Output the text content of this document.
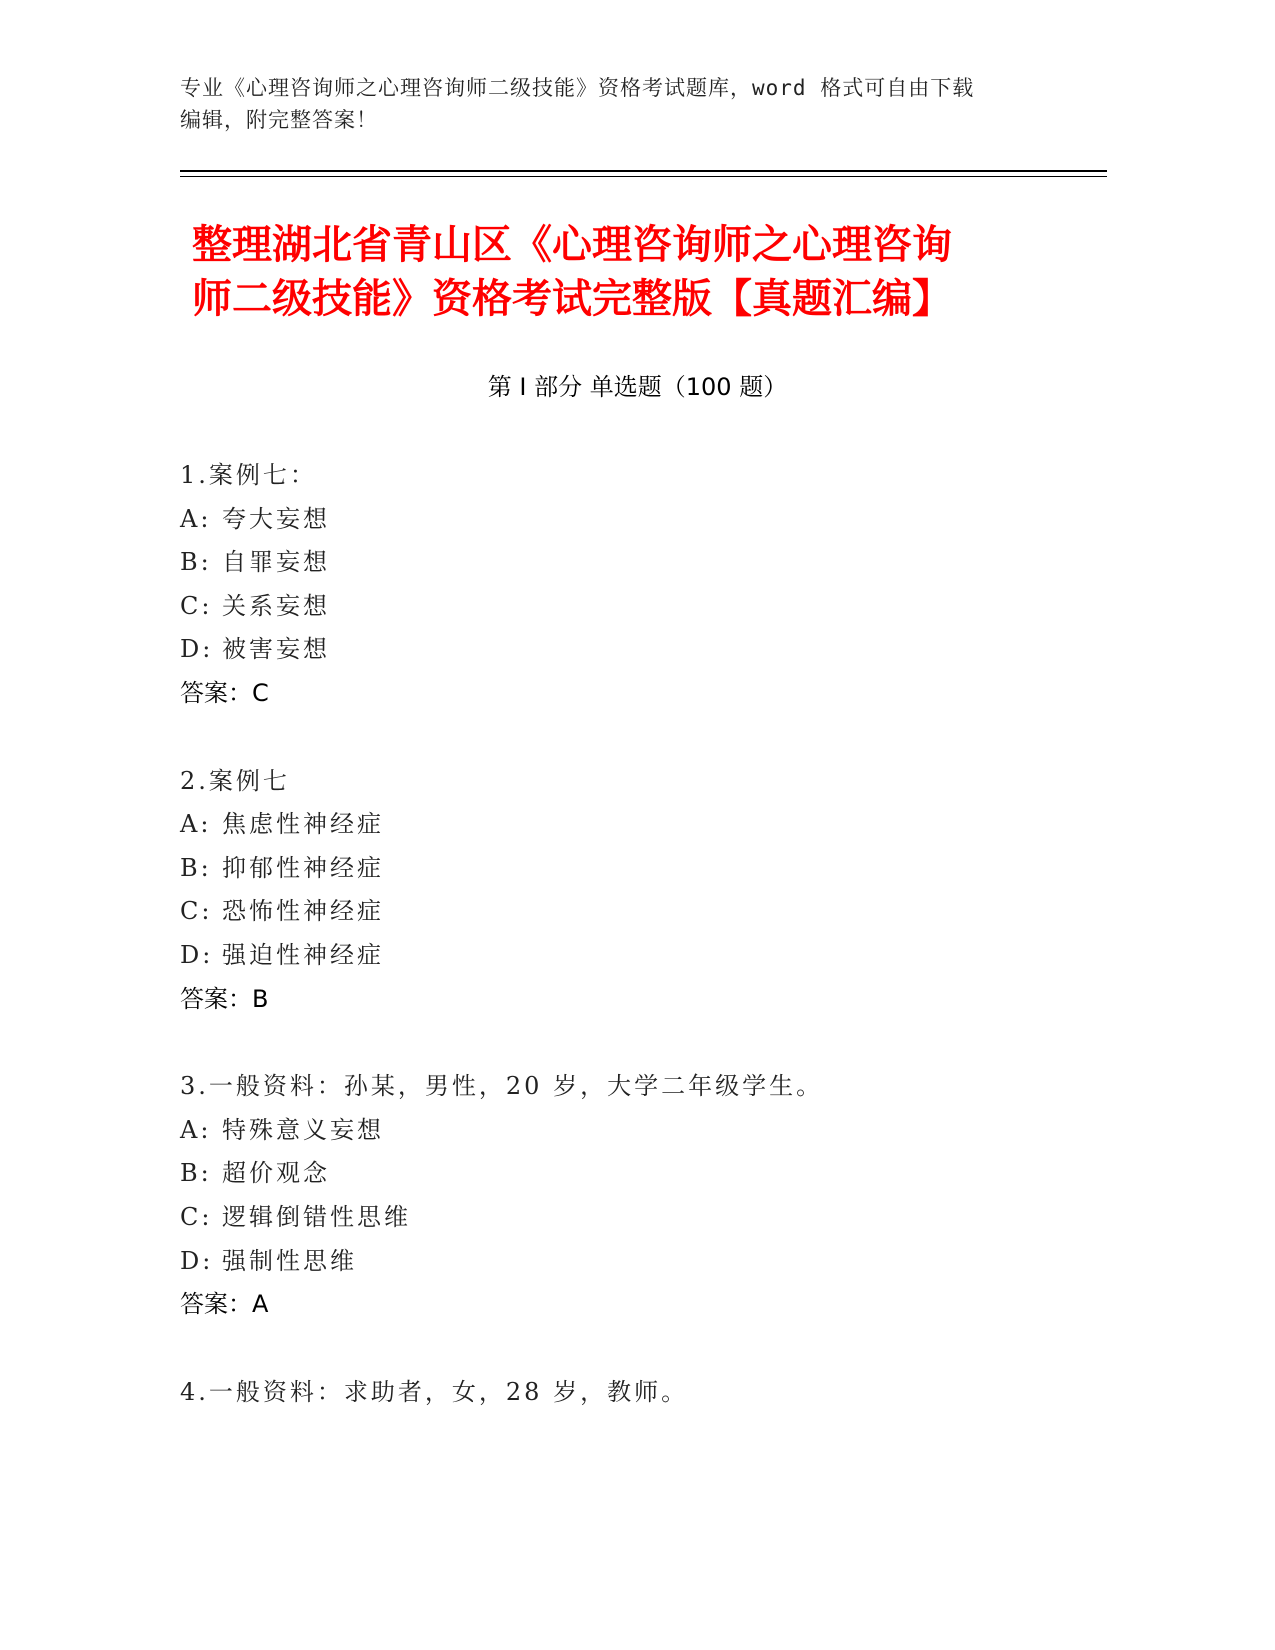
专业《心理咨询师之心理咨询师二级技能》资格考试题库，word 格式可自由下载
编辑，附完整答案！
整理湖北省青山区《心理咨询师之心理咨询
师二级技能》资格考试完整版【真题汇编】
第 I 部分 单选题（100 题）
1.案例七：
A: 夸大妄想
B: 自罪妄想
C: 关系妄想
D: 被害妄想
答案：C
2.案例七
A: 焦虑性神经症
B: 抑郁性神经症
C: 恐怖性神经症
D: 强迫性神经症
答案：B
3.一般资料：孙某，男性，20 岁，大学二年级学生。
A: 特殊意义妄想
B: 超价观念
C: 逻辑倒错性思维
D: 强制性思维
答案：A
4.一般资料：求助者，女，28 岁，教师。
